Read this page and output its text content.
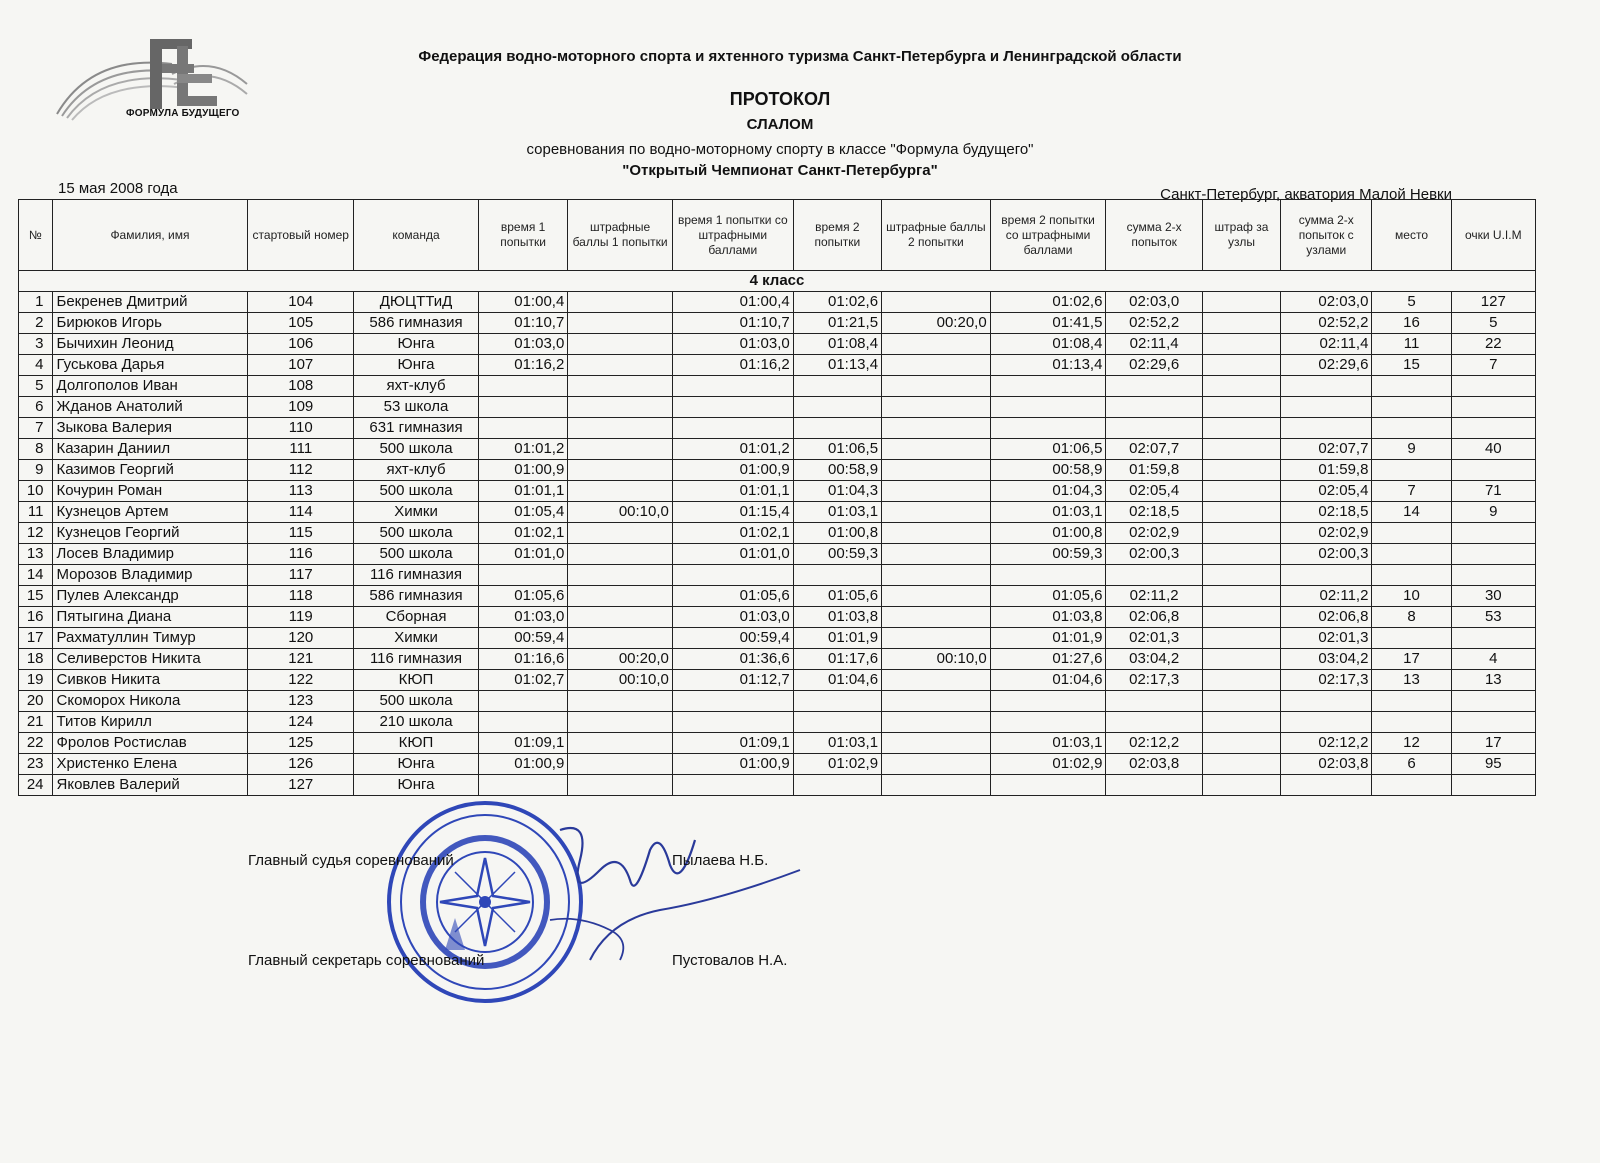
ФОРМУЛА БУДУЩЕГО
Федерация водно-моторного спорта и яхтенного туризма Санкт-Петербурга и Ленинградской области
ПРОТОКОЛ
СЛАЛОМ
соревнования по водно-моторному спорту в классе "Формула будущего"
"Открытый Чемпионат Санкт-Петербурга"
15 мая 2008 года	Санкт-Петербург, акватория Малой Невки
№	Фамилия, имя	стартовый номер	команда	время 1 попытки	штрафные баллы 1 попытки	время 1 попытки со штрафными баллами	время 2 попытки	штрафные баллы 2 попытки	время 2 попытки со штрафными баллами	сумма 2-х попыток	штраф за узлы	сумма 2-х попыток с узлами	место	очки U.I.M
4 класс														
1	Бекренев Дмитрий	104	ДЮЦТТиД	01:00,4		01:00,4	01:02,6		01:02,6	02:03,0		02:03,0	5	127
2	Бирюков Игорь	105	586 гимназия	01:10,7		01:10,7	01:21,5	00:20,0	01:41,5	02:52,2		02:52,2	16	5
3	Бычихин Леонид	106	Юнга	01:03,0		01:03,0	01:08,4		01:08,4	02:11,4		02:11,4	11	22
4	Гуськова Дарья	107	Юнга	01:16,2		01:16,2	01:13,4		01:13,4	02:29,6		02:29,6	15	7
5	Долгополов Иван	108	яхт-клуб											
6	Жданов Анатолий	109	53 школа											
7	Зыкова Валерия	110	631 гимназия											
8	Казарин Даниил	111	500 школа	01:01,2		01:01,2	01:06,5		01:06,5	02:07,7		02:07,7	9	40
9	Казимов Георгий	112	яхт-клуб	01:00,9		01:00,9	00:58,9		00:58,9	01:59,8		01:59,8		
10	Кочурин Роман	113	500 школа	01:01,1		01:01,1	01:04,3		01:04,3	02:05,4		02:05,4	7	71
11	Кузнецов Артем	114	Химки	01:05,4	00:10,0	01:15,4	01:03,1		01:03,1	02:18,5		02:18,5	14	9
12	Кузнецов Георгий	115	500 школа	01:02,1		01:02,1	01:00,8		01:00,8	02:02,9		02:02,9		
13	Лосев Владимир	116	500 школа	01:01,0		01:01,0	00:59,3		00:59,3	02:00,3		02:00,3		
14	Морозов Владимир	117	116 гимназия											
15	Пулев Александр	118	586 гимназия	01:05,6		01:05,6	01:05,6		01:05,6	02:11,2		02:11,2	10	30
16	Пятыгина Диана	119	Сборная	01:03,0		01:03,0	01:03,8		01:03,8	02:06,8		02:06,8	8	53
17	Рахматуллин Тимур	120	Химки	00:59,4		00:59,4	01:01,9		01:01,9	02:01,3		02:01,3		
18	Селиверстов Никита	121	116 гимназия	01:16,6	00:20,0	01:36,6	01:17,6	00:10,0	01:27,6	03:04,2		03:04,2	17	4
19	Сивков Никита	122	КЮП	01:02,7	00:10,0	01:12,7	01:04,6		01:04,6	02:17,3		02:17,3	13	13
20	Скоморох Никола	123	500 школа											
21	Титов Кирилл	124	210 школа											
22	Фролов Ростислав	125	КЮП	01:09,1		01:09,1	01:03,1		01:03,1	02:12,2		02:12,2	12	17
23	Христенко Елена	126	Юнга	01:00,9		01:00,9	01:02,9		01:02,9	02:03,8		02:03,8	6	95
24	Яковлев Валерий	127	Юнга											
Главный судья соревнований	Пылаева Н.Б.
Главный секретарь соревнований	Пустовалов Н.А.
